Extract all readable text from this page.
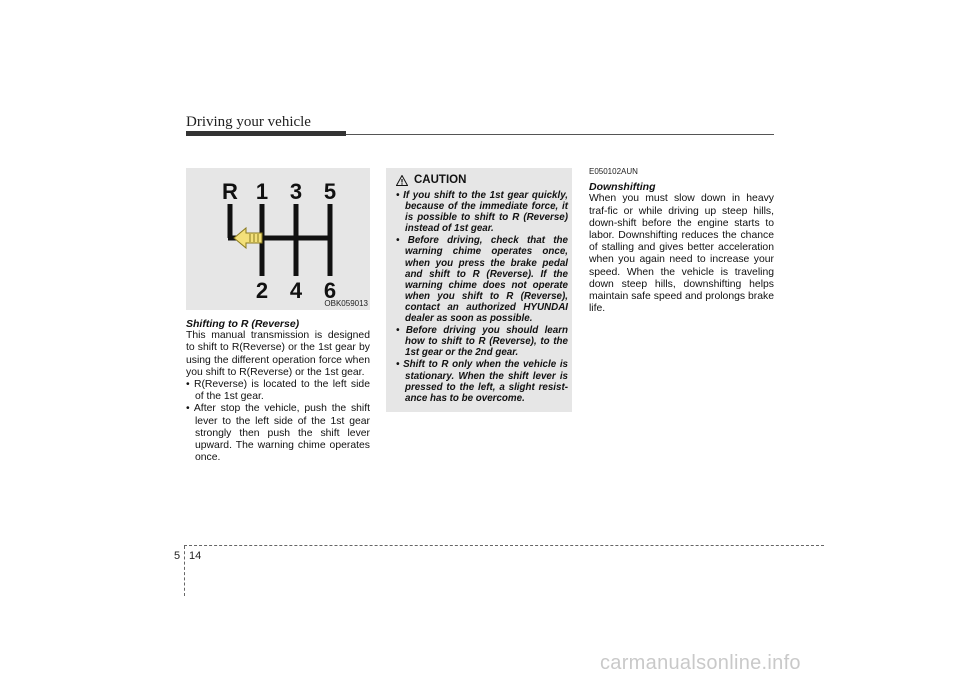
Driving your vehicle
R 1 3 5
2 4 6
OBK059013

Shifting to R (Reverse)

This manual transmission is designed to shift to R(Reverse) or the 1st gear by using the different operation force when you shift to R(Reverse) or the 1st gear.

• R(Reverse) is located to the left side of the 1st gear.

• After stop the vehicle, push the shift lever to the left side of the 1st gear strongly then push the shift lever upward. The warning chime operates once.

CAUTION
• If you shift to the 1st gear quickly, because of the immediate force, it is possible to shift to R (Reverse) instead of 1st gear.
• Before driving, check that the warning chime operates once, when you press the brake pedal and shift to R (Reverse). If the warning chime does not operate when you shift to R (Reverse), contact an authorized HYUNDAI dealer as soon as possible.
• Before driving you should learn how to shift to R (Reverse), to the 1st gear or the 2nd gear.
• Shift to R only when the vehicle is stationary. When the shift lever is pressed to the left, a slight resist-ance has to be overcome.

E050102AUN

Downshifting

When you must slow down in heavy traf-fic or while driving up steep hills, down-shift before the engine starts to labor. Downshifting reduces the chance of stalling and gives better acceleration when you again need to increase your speed. When the vehicle is traveling down steep hills, downshifting helps maintain safe speed and prolongs brake life.

5 14
carmanualsonline.info
